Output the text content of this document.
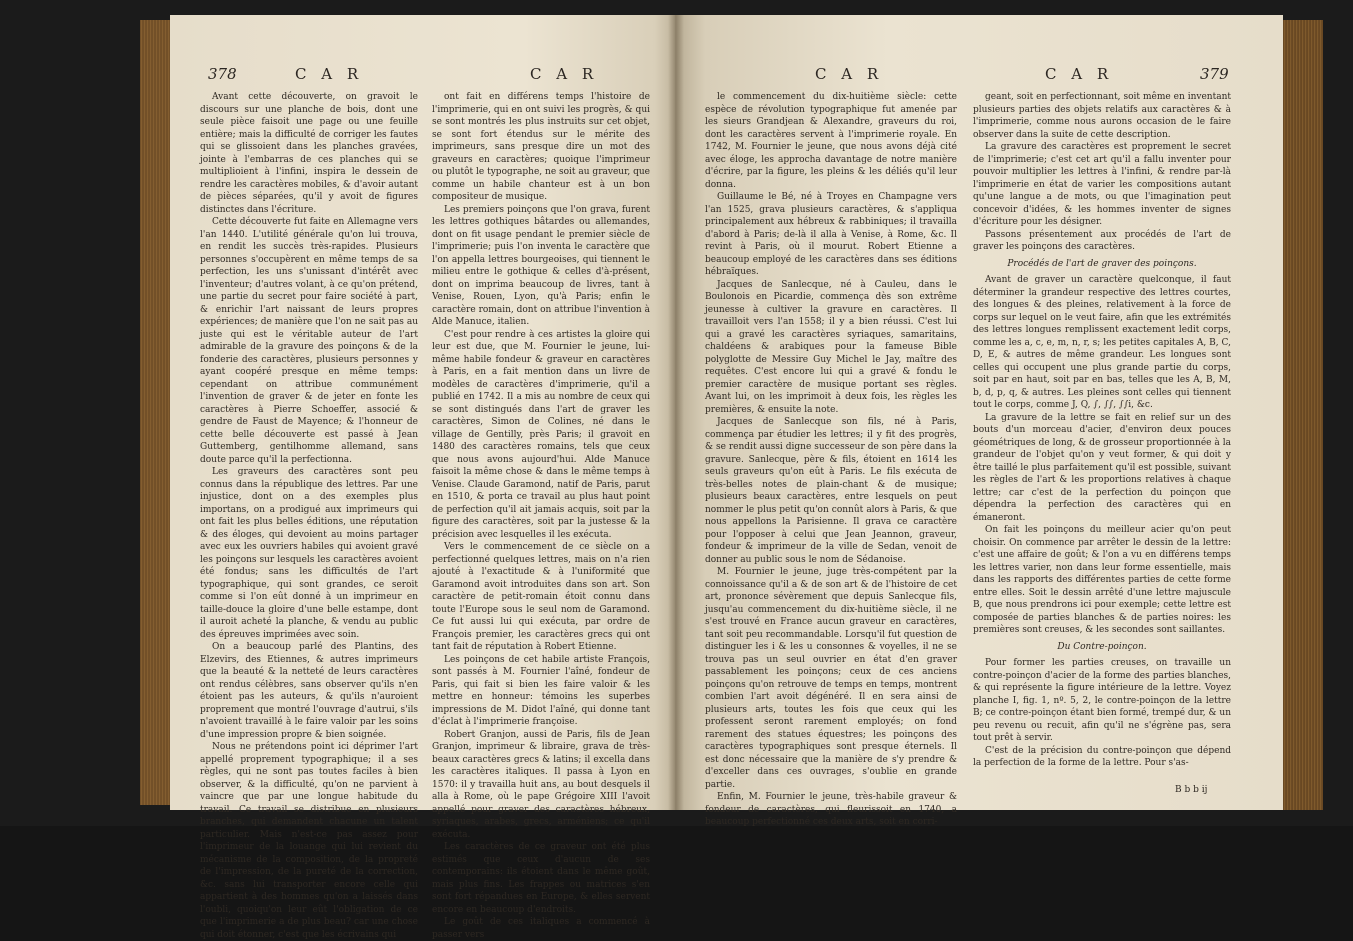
378	C A R	C A R

Avant cette découverte, on gravoit le discours sur une planche de bois, dont une seule pièce faisoit une page ou une feuille entière; mais la difficulté de corriger les fautes qui se glissoient dans les planches gravées, jointe à l'embarras de ces planches qui se multiplioient à l'infini, inspira le dessein de rendre les caractères mobiles, & d'avoir autant de pièces séparées, qu'il y avoit de figures distinctes dans l'écriture.

Cette découverte fut faite en Allemagne vers l'an 1440. L'utilité générale qu'on lui trouva, en rendit les succès très-rapides. Plusieurs personnes s'occupèrent en même temps de sa perfection, les uns s'unissant d'intérêt avec l'inventeur; d'autres volant, à ce qu'on prétend, une partie du secret pour faire société à part, & enrichir l'art naissant de leurs propres expériences; de manière que l'on ne sait pas au juste qui est le véritable auteur de l'art admirable de la gravure des poinçons & de la fonderie des caractères, plusieurs personnes y ayant coopéré presque en même temps: cependant on attribue communément l'invention de graver & de jeter en fonte les caractères à Pierre Schoeffer, associé & gendre de Faust de Mayence; & l'honneur de cette belle découverte est passé à Jean Guttemberg, gentilhomme allemand, sans doute parce qu'il la perfectionna.

Les graveurs des caractères sont peu connus dans la république des lettres. Par une injustice, dont on a des exemples plus importans, on a prodigué aux imprimeurs qui ont fait les plus belles éditions, une réputation & des éloges, qui devoient au moins partager avec eux les ouvriers habiles qui avoient gravé les poinçons sur lesquels les caractères avoient été fondus; sans les difficultés de l'art typographique, qui sont grandes, ce seroit comme si l'on eût donné à un imprimeur en taille-douce la gloire d'une belle estampe, dont il auroit acheté la planche, & vendu au public des épreuves imprimées avec soin.

On a beaucoup parlé des Plantins, des Elzevirs, des Etiennes, & autres imprimeurs que la beauté & la netteté de leurs caractères ont rendus célèbres, sans observer qu'ils n'en étoient pas les auteurs, & qu'ils n'auroient proprement que montré l'ouvrage d'autrui, s'ils n'avoient travaillé à le faire valoir par les soins d'une impression propre & bien soignée.

Nous ne prétendons point ici déprimer l'art appellé proprement typographique; il a ses règles, qui ne sont pas toutes faciles à bien observer, & la difficulté, qu'on ne parvient à vaincre que par une longue habitude du travail. Ce travail se distribue en plusieurs branches, qui demandent chacune un talent particulier. Mais n'est-ce pas assez pour l'imprimeur de la louange qui lui revient du mécanisme de la composition, de la propreté de l'impression, de la pureté de la correction, &c. sans lui transporter encore celle qui appartient à des hommes qu'on a laissés dans l'oubli, quoiqu'on leur eût l'obligation de ce que l'imprimerie a de plus beau? car une chose qui doit étonner, c'est que les écrivains qui

ont fait en différens temps l'histoire de l'imprimerie, qui en ont suivi les progrès, & qui se sont montrés les plus instruits sur cet objet, se sont fort étendus sur le mérite des imprimeurs, sans presque dire un mot des graveurs en caractères; quoique l'imprimeur ou plutôt le typographe, ne soit au graveur, que comme un habile chanteur est à un bon compositeur de musique.

Les premiers poinçons que l'on grava, furent les lettres gothiques bâtardes ou allemandes, dont on fit usage pendant le premier siècle de l'imprimerie; puis l'on inventa le caractère que l'on appella lettres bourgeoises, qui tiennent le milieu entre le gothique & celles d'à-présent, dont on imprima beaucoup de livres, tant à Venise, Rouen, Lyon, qu'à Paris; enfin le caractère romain, dont on attribue l'invention à Alde Manuce, italien.

C'est pour rendre à ces artistes la gloire qui leur est due, que M. Fournier le jeune, lui-même habile fondeur & graveur en caractères à Paris, en a fait mention dans un livre de modèles de caractères d'imprimerie, qu'il a publié en 1742. Il a mis au nombre de ceux qui se sont distingués dans l'art de graver les caractères, Simon de Colines, né dans le village de Gentilly, près Paris; il gravoit en 1480 des caractères romains, tels que ceux que nous avons aujourd'hui. Alde Manuce faisoit la même chose & dans le même temps à Venise. Claude Garamond, natif de Paris, parut en 1510, & porta ce travail au plus haut point de perfection qu'il ait jamais acquis, soit par la figure des caractères, soit par la justesse & la précision avec lesquelles il les exécuta.

Vers le commencement de ce siècle on a perfectionné quelques lettres, mais on n'a rien ajouté à l'exactitude & à l'uniformité que Garamond avoit introduites dans son art. Son caractère de petit-romain étoit connu dans toute l'Europe sous le seul nom de Garamond. Ce fut aussi lui qui exécuta, par ordre de François premier, les caractères grecs qui ont tant fait de réputation à Robert Etienne.

Les poinçons de cet habile artiste François, sont passés à M. Fournier l'aîné, fondeur de Paris, qui fait si bien les faire valoir & les mettre en honneur: témoins les superbes impressions de M. Didot l'aîné, qui donne tant d'éclat à l'imprimerie françoise.

Robert Granjon, aussi de Paris, fils de Jean Granjon, imprimeur & libraire, grava de très-beaux caractères grecs & latins; il excella dans les caractères italiques. Il passa à Lyon en 1570: il y travailla huit ans, au bout desquels il alla à Rome, où le pape Grégoire XIII l'avoit appellé pour graver des caractères hébreux, syriaques, arabes, grecs, arméniens; ce qu'il exécuta.

Les caractères de ce graveur ont été plus estimés que ceux d'aucun de ses contemporains: ils étoient dans le même goût, mais plus fins. Les frappes ou matrices s'en sont fort répandues en Europe, & elles servent encore en beaucoup d'endroits.

Le goût de ces italiques a commencé à passer vers

C A R	C A R	379

le commencement du dix-huitième siècle: cette espèce de révolution typographique fut amenée par les sieurs Grandjean & Alexandre, graveurs du roi, dont les caractères servent à l'imprimerie royale. En 1742, M. Fournier le jeune, que nous avons déjà cité avec éloge, les approcha davantage de notre manière d'écrire, par la figure, les pleins & les déliés qu'il leur donna.

Guillaume le Bé, né à Troyes en Champagne vers l'an 1525, grava plusieurs caractères, & s'appliqua principalement aux hébreux & rabbiniques; il travailla d'abord à Paris; de-là il alla à Venise, à Rome, &c. Il revint à Paris, où il mourut. Robert Etienne a beaucoup employé de les caractères dans ses éditions hébraïques.

Jacques de Sanlecque, né à Cauleu, dans le Boulonois en Picardie, commença dès son extrême jeunesse à cultiver la gravure en caractères. Il travailloit vers l'an 1558; il y a bien réussi. C'est lui qui a gravé les caractères syriaques, samaritains, chaldéens & arabiques pour la fameuse Bible polyglotte de Messire Guy Michel le Jay, maître des requêtes. C'est encore lui qui a gravé & fondu le premier caractère de musique portant ses règles. Avant lui, on les imprimoit à deux fois, les règles les premières, & ensuite la note.

Jacques de Sanlecque son fils, né à Paris, commença par étudier les lettres; il y fit des progrès, & se rendit aussi digne successeur de son père dans la gravure. Sanlecque, père & fils, étoient en 1614 les seuls graveurs qu'on eût à Paris. Le fils exécuta de très-belles notes de plain-chant & de musique; plusieurs beaux caractères, entre lesquels on peut nommer le plus petit qu'on connût alors à Paris, & que nous appellons la Parisienne. Il grava ce caractère pour l'opposer à celui que Jean Jeannon, graveur, fondeur & imprimeur de la ville de Sedan, venoit de donner au public sous le nom de Sédanoise.

M. Fournier le jeune, juge très-compétent par la connoissance qu'il a & de son art & de l'histoire de cet art, prononce sévèrement que depuis Sanlecque fils, jusqu'au commencement du dix-huitième siècle, il ne s'est trouvé en France aucun graveur en caractères, tant soit peu recommandable. Lorsqu'il fut question de distinguer les i & les u consonnes & voyelles, il ne se trouva pas un seul ouvrier en état d'en graver passablement les poinçons; ceux de ces anciens poinçons qu'on retrouve de temps en temps, montrent combien l'art avoit dégénéré. Il en sera ainsi de plusieurs arts, toutes les fois que ceux qui les professent seront rarement employés; on fond rarement des statues équestres; les poinçons des caractères typographiques sont presque éternels. Il est donc nécessaire que la manière de s'y prendre & d'exceller dans ces ouvrages, s'oublie en grande partie.

Enfin, M. Fournier le jeune, très-habile graveur & fondeur de caractères, qui fleurissoit en 1740, a beaucoup perfectionné ces deux arts, soit en corri-

geant, soit en perfectionnant, soit même en inventant plusieurs parties des objets relatifs aux caractères & à l'imprimerie, comme nous aurons occasion de le faire observer dans la suite de cette description.

La gravure des caractères est proprement le secret de l'imprimerie; c'est cet art qu'il a fallu inventer pour pouvoir multiplier les lettres à l'infini, & rendre par-là l'imprimerie en état de varier les compositions autant qu'une langue a de mots, ou que l'imagination peut concevoir d'idées, & les hommes inventer de signes d'écriture pour les désigner.

Passons présentement aux procédés de l'art de graver les poinçons des caractères.

Procédés de l'art de graver des poinçons.

Avant de graver un caractère quelconque, il faut déterminer la grandeur respective des lettres courtes, des longues & des pleines, relativement à la force de corps sur lequel on le veut faire, afin que les extrémités des lettres longues remplissent exactement ledit corps, comme les a, c, e, m, n, r, s; les petites capitales A, B, C, D, E, & autres de même grandeur. Les longues sont celles qui occupent une plus grande partie du corps, soit par en haut, soit par en bas, telles que les A, B, M, b, d, p, q, & autres. Les pleines sont celles qui tiennent tout le corps, comme J, Q, ∫, ∫∫, ∫∫i, &c.

La gravure de la lettre se fait en relief sur un des bouts d'un morceau d'acier, d'environ deux pouces géométriques de long, & de grosseur proportionnée à la grandeur de l'objet qu'on y veut former, & qui doit y être taillé le plus parfaitement qu'il est possible, suivant les règles de l'art & les proportions relatives à chaque lettre; car c'est de la perfection du poinçon que dépendra la perfection des caractères qui en émaneront.

On fait les poinçons du meilleur acier qu'on peut choisir. On commence par arrêter le dessin de la lettre: c'est une affaire de goût; & l'on a vu en différens temps les lettres varier, non dans leur forme essentielle, mais dans les rapports des différentes parties de cette forme entre elles. Soit le dessin arrêté d'une lettre majuscule B, que nous prendrons ici pour exemple; cette lettre est composée de parties blanches & de parties noires: les premières sont creuses, & les secondes sont saillantes.

Du Contre-poinçon.

Pour former les parties creuses, on travaille un contre-poinçon d'acier de la forme des parties blanches, & qui représente la figure intérieure de la lettre. Voyez planche I, fig. 1, nº. 5, 2, le contre-poinçon de la lettre B; ce contre-poinçon étant bien formé, trempé dur, & un peu revenu ou recuit, afin qu'il ne s'égrène pas, sera tout prêt à servir.

C'est de la précision du contre-poinçon que dépend la perfection de la forme de la lettre. Pour s'as-

B b b ij
